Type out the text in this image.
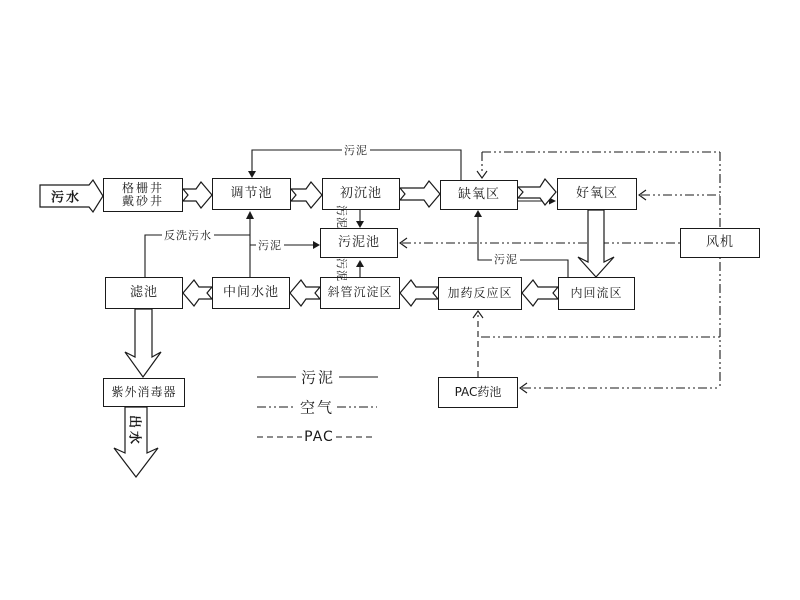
格栅井
戴砂井
调节池	初沉池	缺氧区	好氧区
风机
污泥池
滤池	中间水池	斜管沉淀区	加药反应区	内回流区
PAC药池
紫外消毒器
污水
污泥
反洗污水
污泥
污泥
污泥
污泥
出水
污泥
空气
PAC
